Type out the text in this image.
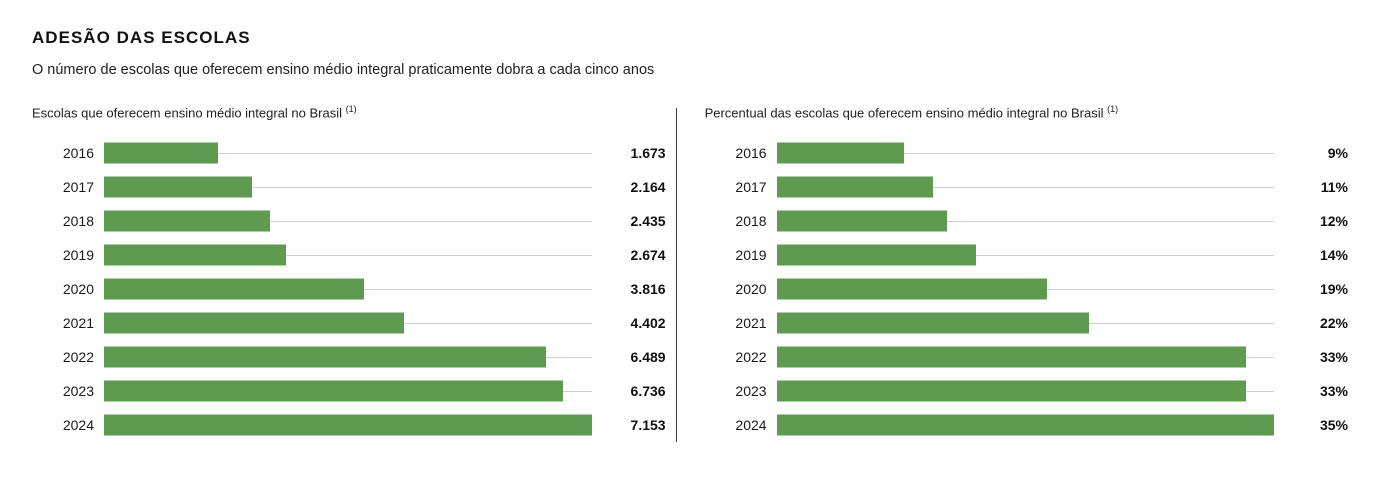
ADESÃO DAS ESCOLAS

O número de escolas que oferecem ensino médio integral praticamente dobra a cada cinco anos

Escolas que oferecem ensino médio integral no Brasil $^{(1)}$
2016	1.673
2017	2.164
2018	2.435
2019	2.674
2020	3.816
2021	4.402
2022	6.489
2023	6.736
2024	7.153
Percentual das escolas que oferecem ensino médio integral no Brasil $^{(1)}$
2016	9%
2017	11%
2018	12%
2019	14%
2020	19%
2021	22%
2022	33%
2023	33%
2024	35%
